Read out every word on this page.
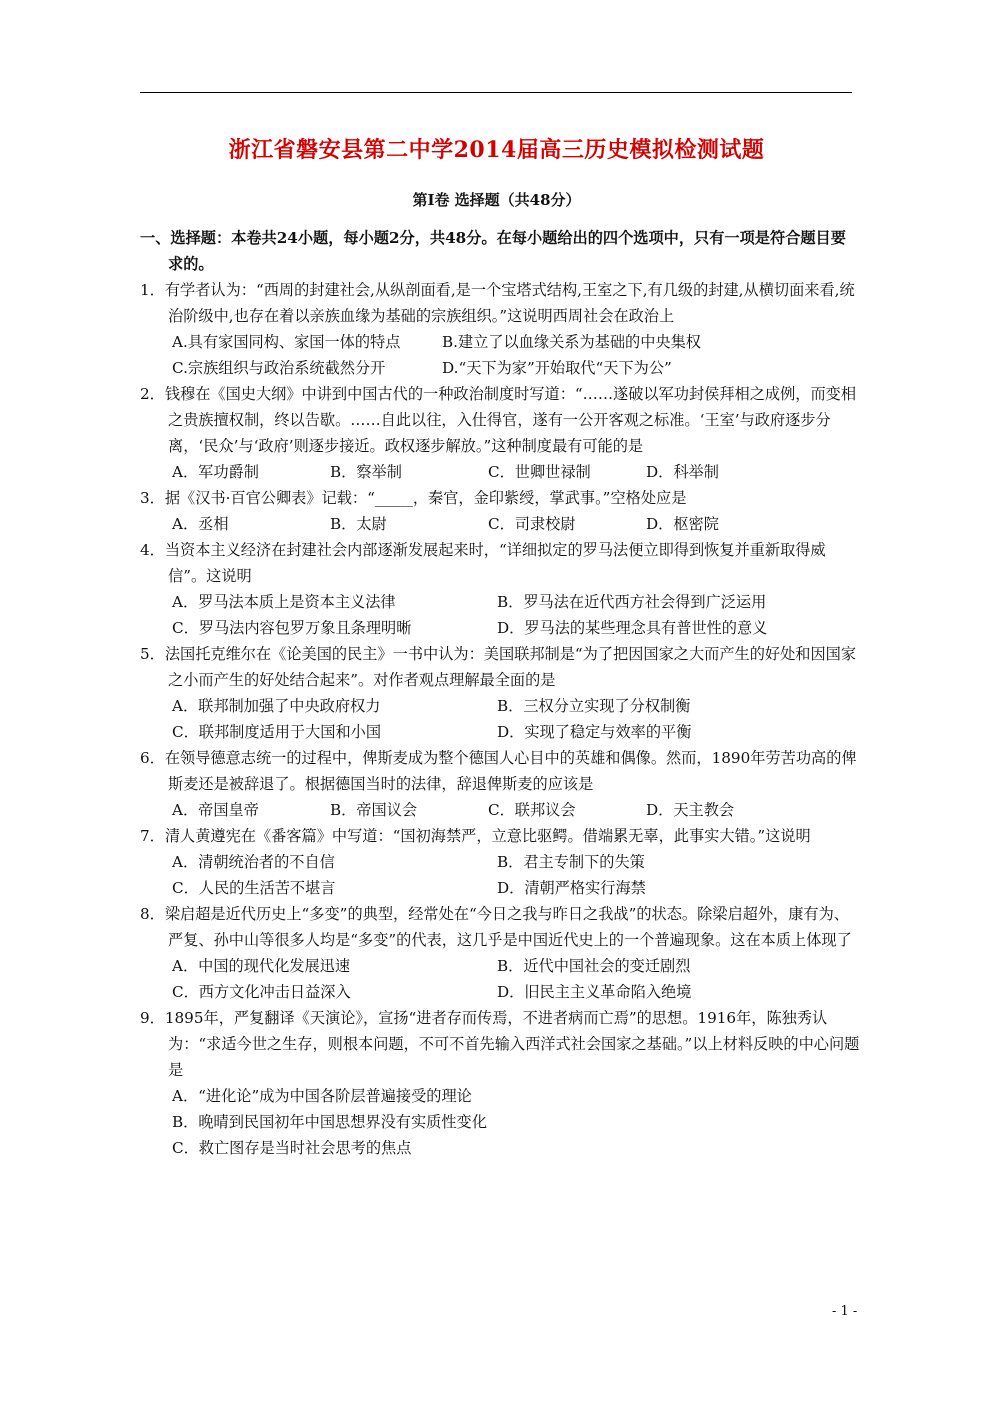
浙江省磐安县第二中学2014届高三历史模拟检测试题
第Ⅰ卷 选择题（共48分）
一、选择题：本卷共24小题，每小题2分，共48分。在每小题给出的四个选项中，只有一项是符合题目要求的。
1．有学者认为：“西周的封建社会,从纵剖面看,是一个宝塔式结构,王室之下,有几级的封建,从横切面来看,统治阶级中,也存在着以亲族血缘为基础的宗族组织。”这说明西周社会在政治上
A.具有家国同构、家国一体的特点	B.建立了以血缘关系为基础的中央集权
C.宗族组织与政治系统截然分开	D.“天下为家”开始取代“天下为公”
2．钱穆在《国史大纲》中讲到中国古代的一种政治制度时写道：“……遂破以军功封侯拜相之成例，而变相之贵族擅权制，终以告歇。……自此以往，入仕得官，遂有一公开客观之标准。‘王室’与政府逐步分离，‘民众’与‘政府’则逐步接近。政权逐步解放。”这种制度最有可能的是
A．军功爵制	B．察举制	C．世卿世禄制	D．科举制
3．据《汉书·百官公卿表》记载：“_____，秦官，金印紫绶，掌武事。”空格处应是
A．丞相	B．太尉	C．司隶校尉	D．枢密院
4．当资本主义经济在封建社会内部逐渐发展起来时，“详细拟定的罗马法便立即得到恢复并重新取得威信”。这说明
A．罗马法本质上是资本主义法律	B．罗马法在近代西方社会得到广泛运用
C．罗马法内容包罗万象且条理明晰	D．罗马法的某些理念具有普世性的意义
5．法国托克维尔在《论美国的民主》一书中认为：美国联邦制是“为了把因国家之大而产生的好处和因国家之小而产生的好处结合起来”。对作者观点理解最全面的是
A．联邦制加强了中央政府权力	B．三权分立实现了分权制衡
C．联邦制度适用于大国和小国	D．实现了稳定与效率的平衡
6．在领导德意志统一的过程中，俾斯麦成为整个德国人心目中的英雄和偶像。然而，1890年劳苦功高的俾斯麦还是被辞退了。根据德国当时的法律，辞退俾斯麦的应该是
A．帝国皇帝	B．帝国议会	C．联邦议会	D．天主教会
7．清人黄遵宪在《番客篇》中写道：“国初海禁严，立意比驱鳄。借端累无辜，此事实大错。”这说明
A．清朝统治者的不自信	B．君主专制下的失策
C．人民的生活苦不堪言	D．清朝严格实行海禁
8．梁启超是近代历史上“多变”的典型，经常处在“今日之我与昨日之我战”的状态。除梁启超外，康有为、严复、孙中山等很多人均是“多变”的代表，这几乎是中国近代史上的一个普遍现象。这在本质上体现了
A．中国的现代化发展迅速	B．近代中国社会的变迁剧烈
C．西方文化冲击日益深入	D．旧民主主义革命陷入绝境
9．1895年，严复翻译《天演论》，宣扬“进者存而传焉，不进者病而亡焉”的思想。1916年，陈独秀认为：“求适今世之生存，则根本问题，不可不首先输入西洋式社会国家之基础。”以上材料反映的中心问题是
A．“进化论”成为中国各阶层普遍接受的理论
B．晚晴到民国初年中国思想界没有实质性变化
C．救亡图存是当时社会思考的焦点
- 1 -
